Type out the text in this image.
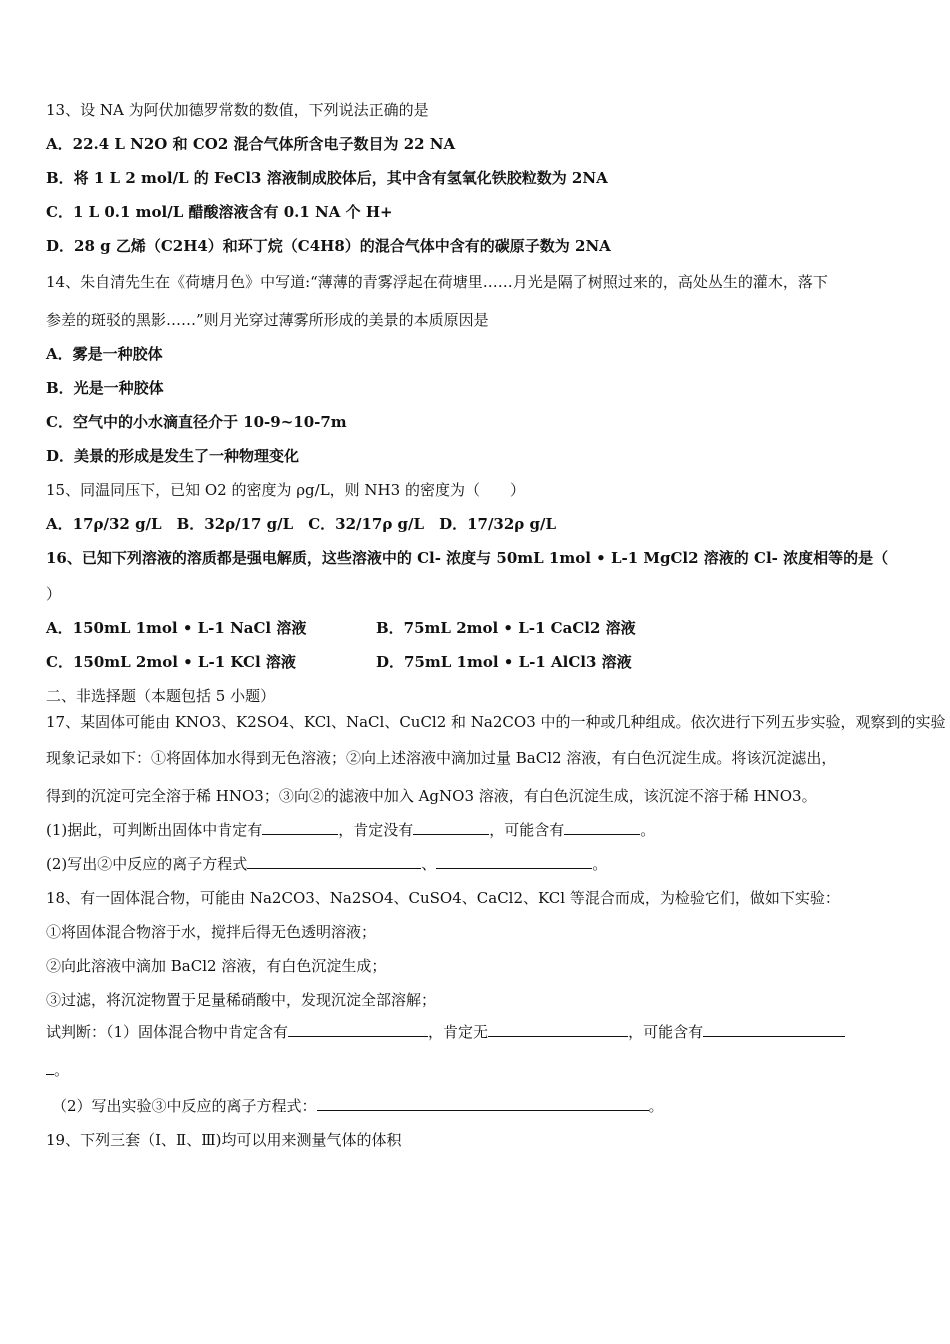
13、设 NA 为阿伏加德罗常数的数值，下列说法正确的是
A．22.4 L N2O 和 CO2 混合气体所含电子数目为 22 NA
B．将 1 L 2 mol/L 的 FeCl3 溶液制成胶体后，其中含有氢氧化铁胶粒数为 2NA
C．1 L 0.1 mol/L 醋酸溶液含有 0.1 NA 个 H+
D．28 g 乙烯（C2H4）和环丁烷（C4H8）的混合气体中含有的碳原子数为 2NA
14、朱自清先生在《荷塘月色》中写道:“薄薄的青雾浮起在荷塘里……月光是隔了树照过来的，高处丛生的灌木，落下
参差的斑驳的黑影……”则月光穿过薄雾所形成的美景的本质原因是
A．雾是一种胶体
B．光是一种胶体
C．空气中的小水滴直径介于 10-9~10-7m
D．美景的形成是发生了一种物理变化
15、同温同压下，已知 O2 的密度为 ρg/L，则 NH3 的密度为（　　）
A．17ρ/32 g/L　B．32ρ/17 g/L　C．32/17ρ g/L　D．17/32ρ g/L
16、已知下列溶液的溶质都是强电解质，这些溶液中的 Cl- 浓度与 50mL 1mol • L-1 MgCl2 溶液的 Cl- 浓度相等的是（
）
A．150mL 1mol • L-1 NaCl 溶液	B．75mL 2mol • L-1 CaCl2 溶液
C．150mL 2mol • L-1 KCl 溶液	D．75mL 1mol • L-1 AlCl3 溶液
二、非选择题（本题包括 5 小题）
17、某固体可能由 KNO3、K2SO4、KCl、NaCl、CuCl2 和 Na2CO3 中的一种或几种组成。依次进行下列五步实验，观察到的实验
现象记录如下：①将固体加水得到无色溶液；②向上述溶液中滴加过量 BaCl2 溶液，有白色沉淀生成。将该沉淀滤出，
得到的沉淀可完全溶于稀 HNO3；③向②的滤液中加入 AgNO3 溶液，有白色沉淀生成，该沉淀不溶于稀 HNO3。
(1)据此，可判断出固体中肯定有	，肯定没有	，可能含有	。
(2)写出②中反应的离子方程式	、	。
18、有一固体混合物，可能由 Na2CO3、Na2SO4、CuSO4、CaCl2、KCl 等混合而成，为检验它们，做如下实验：
①将固体混合物溶于水，搅拌后得无色透明溶液；
②向此溶液中滴加 BaCl2 溶液，有白色沉淀生成；
③过滤，将沉淀物置于足量稀硝酸中，发现沉淀全部溶解；
试判断：（1）固体混合物中肯定含有	，肯定无	，可能含有
。
（2）写出实验③中反应的离子方程式：	。
19、下列三套（Ⅰ、Ⅱ、Ⅲ)均可以用来测量气体的体积
